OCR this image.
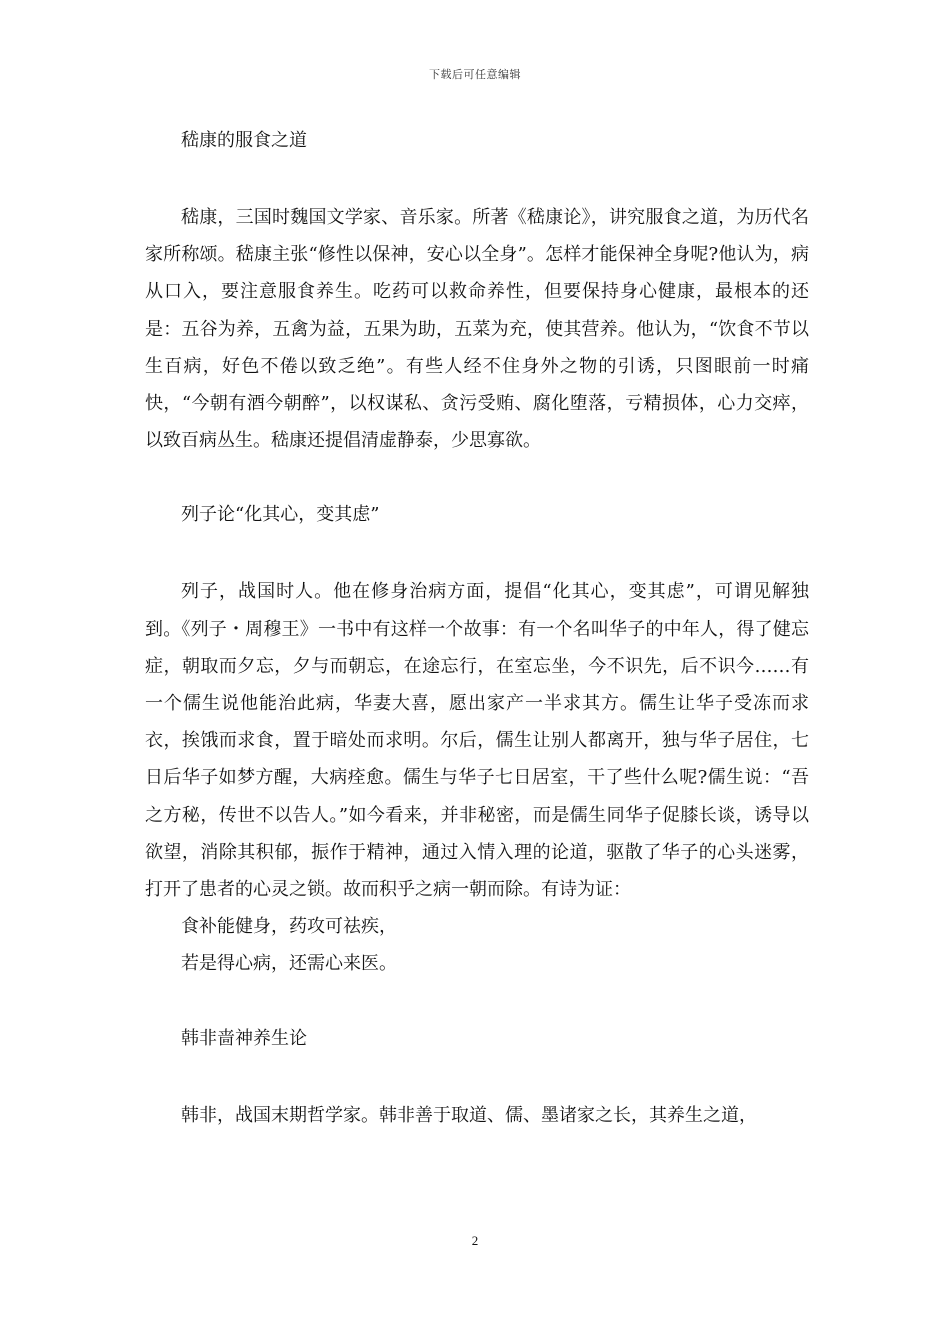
下载后可任意编辑
嵇康的服食之道

嵇康，三国时魏国文学家、音乐家。所著《嵇康论》，讲究服食之道，为历代名家所称颂。嵇康主张“修性以保神，安心以全身”。怎样才能保神全身呢?他认为，病从口入，要注意服食养生。吃药可以救命养性，但要保持身心健康，最根本的还是：五谷为养，五禽为益，五果为助，五菜为充，使其营养。他认为，“饮食不节以生百病，好色不倦以致乏绝”。有些人经不住身外之物的引诱，只图眼前一时痛快，“今朝有酒今朝醉”，以权谋私、贪污受贿、腐化堕落，亏精损体，心力交瘁，以致百病丛生。嵇康还提倡清虚静泰，少思寡欲。

列子论“化其心，变其虑”

列子，战国时人。他在修身治病方面，提倡“化其心，变其虑”，可谓见解独到。《列子・周穆王》一书中有这样一个故事：有一个名叫华子的中年人，得了健忘症，朝取而夕忘，夕与而朝忘，在途忘行，在室忘坐，今不识先，后不识今……有一个儒生说他能治此病，华妻大喜，愿出家产一半求其方。儒生让华子受冻而求衣，挨饿而求食，置于暗处而求明。尔后，儒生让别人都离开，独与华子居住，七日后华子如梦方醒，大病痊愈。儒生与华子七日居室，干了些什么呢?儒生说：“吾之方秘，传世不以告人。”如今看来，并非秘密，而是儒生同华子促膝长谈，诱导以欲望，消除其积郁，振作于精神，通过入情入理的论道，驱散了华子的心头迷雾，打开了患者的心灵之锁。故而积乎之病一朝而除。有诗为证：

食补能健身，药攻可祛疾，
若是得心病，还需心来医。
韩非啬神养生论

韩非，战国末期哲学家。韩非善于取道、儒、墨诸家之长，其养生之道，

2
